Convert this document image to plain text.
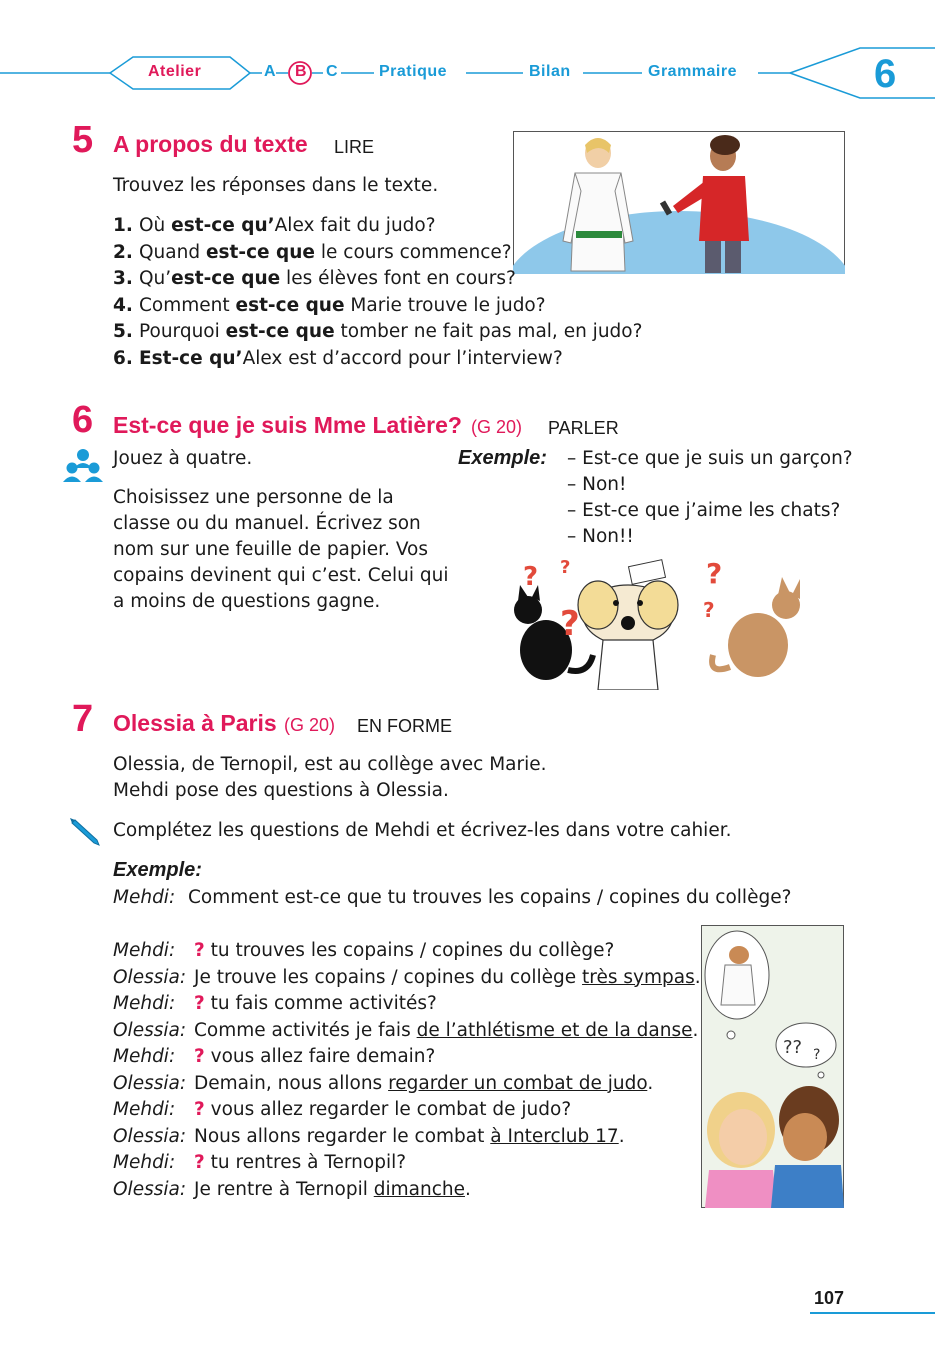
Atelier	A B C	Pratique	Bilan	Grammaire	6
5 A propos du texte LIRE
Trouvez les réponses dans le texte.
1. Où est-ce qu’Alex fait du judo?
2. Quand est-ce que le cours commence?
3. Qu’est-ce que les élèves font en cours?
4. Comment est-ce que Marie trouve le judo?
5. Pourquoi est-ce que tomber ne fait pas mal, en judo?
6. Est-ce qu’Alex est d’accord pour l’interview?
6 Est-ce que je suis Mme Latière? (G 20) PARLER
Jouez à quatre.
Choisissez une personne de la
classe ou du manuel. Écrivez son
nom sur une feuille de papier. Vos
copains devinent qui c’est. Celui qui
a moins de questions gagne.
Exemple: – Est-ce que je suis un garçon?
– Non!
– Est-ce que j’aime les chats?
– Non!!
? ?
?
?
?
7 Olessia à Paris (G 20) EN FORME
Olessia, de Ternopil, est au collège avec Marie.
Mehdi pose des questions à Olessia.
Complétez les questions de Mehdi et écrivez-les dans votre cahier.
Exemple:
Mehdi: Comment est-ce que tu trouves les copains / copines du collège?
Mehdi: ? tu trouves les copains / copines du collège?
Olessia: Je trouve les copains / copines du collège très sympas.
Mehdi: ? tu fais comme activités?
Olessia: Comme activités je fais de l’athlétisme et de la danse.
Mehdi: ? vous allez faire demain?
Olessia: Demain, nous allons regarder un combat de judo.
Mehdi: ? vous allez regarder le combat de judo?
Olessia: Nous allons regarder le combat à Interclub 17.
Mehdi: ? tu rentres à Ternopil?
Olessia: Je rentre à Ternopil dimanche.
?? ?
107
